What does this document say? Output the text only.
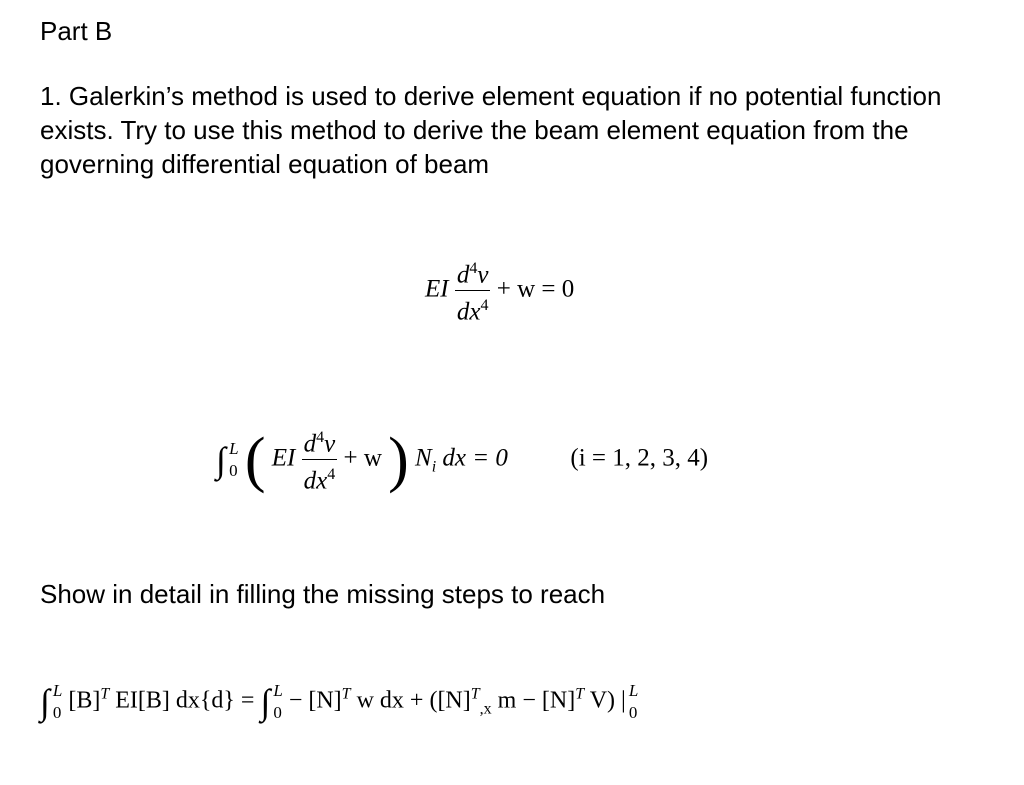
Part B
1. Galerkin’s method is used to derive element equation if no potential function exists. Try to use this method to derive the beam element equation from the governing differential equation of beam
EI $\frac{d^4v}{dx^4} + w = 0$
∫ L
0 ( EI $\frac{d^4v}{dx^4} + w$ ) $N_i$ dx = 0	(i = 1, 2, 3, 4)
Show in detail in filling the missing steps to reach
∫ L
0 $[B]^T$ EI[B] dx{d} = ∫ L
$0 - [N]^T$ w dx + ($[N]^T_{,x}$ $m - [N]^T$ V) | L
0
